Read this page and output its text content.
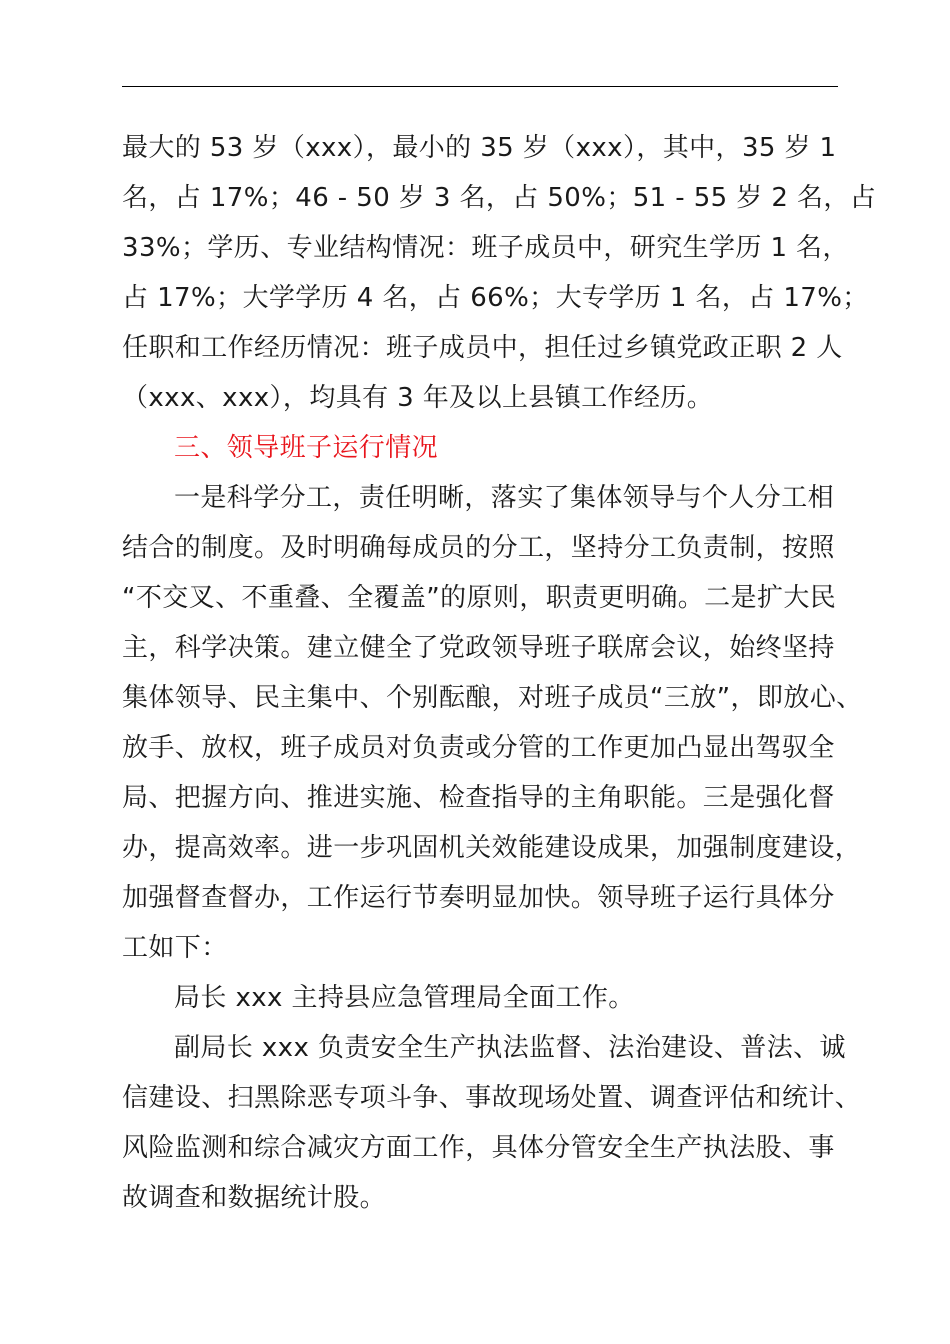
最大的 53 岁（xxx），最小的 35 岁（xxx），其中，35 岁 1
名，占 17%；46 - 50 岁 3 名，占 50%；51 - 55 岁 2 名，占
33%；学历、专业结构情况：班子成员中，研究生学历 1 名，
占 17%；大学学历 4 名，占 66%；大专学历 1 名，占 17%；
任职和工作经历情况：班子成员中，担任过乡镇党政正职 2 人
（xxx、xxx），均具有 3 年及以上县镇工作经历。
三、领导班子运行情况
一是科学分工，责任明晰，落实了集体领导与个人分工相
结合的制度。及时明确每成员的分工，坚持分工负责制，按照
“不交叉、不重叠、全覆盖”的原则，职责更明确。二是扩大民
主，科学决策。建立健全了党政领导班子联席会议，始终坚持
集体领导、民主集中、个别酝酿，对班子成员“三放”，即放心、
放手、放权，班子成员对负责或分管的工作更加凸显出驾驭全
局、把握方向、推进实施、检查指导的主角职能。三是强化督
办，提高效率。进一步巩固机关效能建设成果，加强制度建设，
加强督查督办，工作运行节奏明显加快。领导班子运行具体分
工如下：
局长 xxx 主持县应急管理局全面工作。
副局长 xxx 负责安全生产执法监督、法治建设、普法、诚
信建设、扫黑除恶专项斗争、事故现场处置、调查评估和统计、
风险监测和综合减灾方面工作，具体分管安全生产执法股、事
故调查和数据统计股。
